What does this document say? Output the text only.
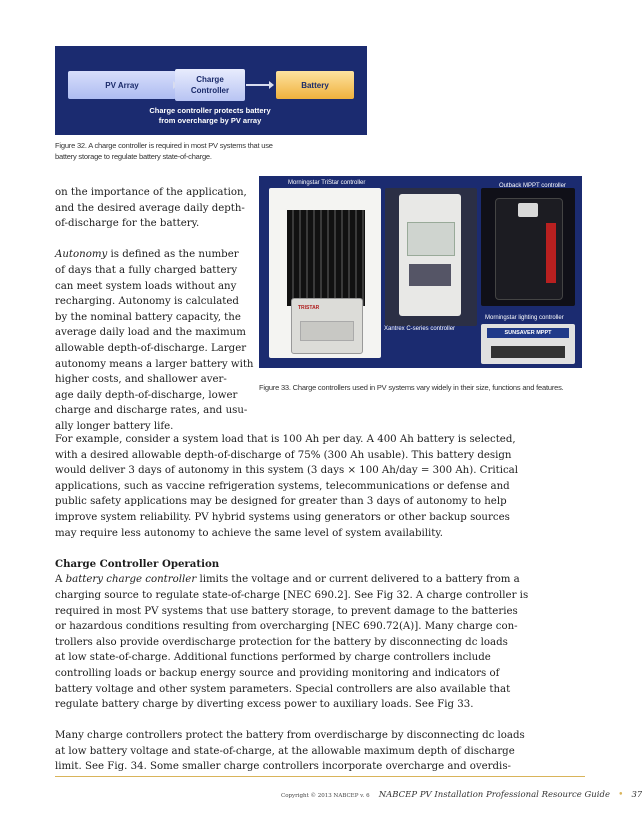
PV Array
Charge
Controller
Battery
Charge controller protects battery
from overcharge by PV array
Figure 32. A charge controller is required in most PV systems that use
battery storage to regulate battery state-of-charge.
TRISTAR
Morningstar TriStar controller
Xantrex C-series controller
Outback MPPT controller
Morningstar lighting controller
SUNSAVER MPPT
Figure 33. Charge controllers used in PV systems vary widely in their size, functions and features.

on the importance of the application,

and the desired average daily depth-

of-discharge for the battery.

Autonomy is defined as the number

of days that a fully charged battery

can meet system loads without any

recharging. Autonomy is calculated

by the nominal battery capacity, the

average daily load and the maximum

allowable depth-of-discharge. Larger

autonomy means a larger battery with

higher costs, and shallower aver-

age daily depth-of-discharge, lower

charge and discharge rates, and usu-

ally longer battery life.

For example, consider a system load that is 100 Ah per day. A 400 Ah battery is selected,

with a desired allowable depth-of-discharge of 75% (300 Ah usable). This battery design

would deliver 3 days of autonomy in this system (3 days × 100 Ah/day = 300 Ah). Critical

applications, such as vaccine refrigeration systems, telecommunications or defense and

public safety applications may be designed for greater than 3 days of autonomy to help

improve system reliability. PV hybrid systems using generators or other backup sources

may require less autonomy to achieve the same level of system availability.

Charge Controller Operation

A battery charge controller limits the voltage and or current delivered to a battery from a

charging source to regulate state-of-charge [NEC 690.2]. See Fig 32. A charge controller is

required in most PV systems that use battery storage, to prevent damage to the batteries

or hazardous conditions resulting from overcharging [NEC 690.72(A)]. Many charge con-

trollers also provide overdischarge protection for the battery by disconnecting dc loads

at low state-of-charge. Additional functions performed by charge controllers include

controlling loads or backup energy source and providing monitoring and indicators of

battery voltage and other system parameters. Special controllers are also available that

regulate battery charge by diverting excess power to auxiliary loads. See Fig 33.

Many charge controllers protect the battery from overdischarge by disconnecting dc loads

at low battery voltage and state-of-charge, at the allowable maximum depth of discharge

limit. See Fig. 34. Some smaller charge controllers incorporate overcharge and overdis-

Copyright © 2013 NABCEP v. 6 NABCEP PV Installation Professional Resource Guide • 37
